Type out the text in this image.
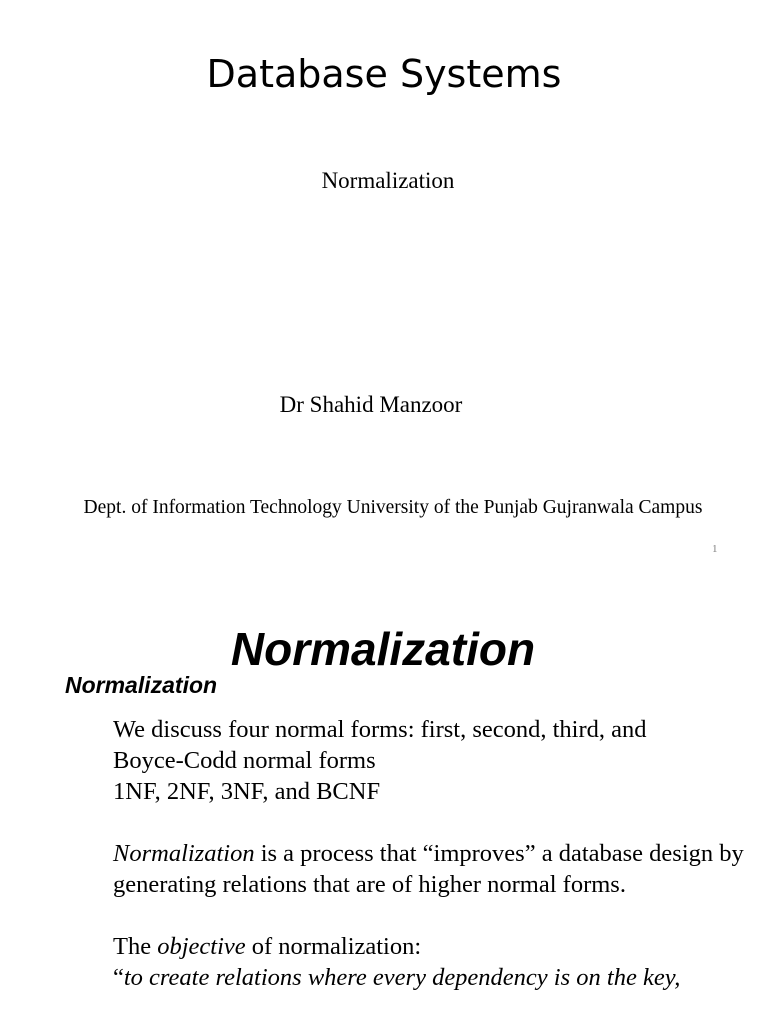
Database Systems
Normalization
Dr Shahid Manzoor
Dept. of Information Technology University of the Punjab Gujranwala Campus
1
Normalization
Normalization

We discuss four normal forms: first, second, third, and

Boyce-Codd normal forms

1NF, 2NF, 3NF, and BCNF

Normalization is a process that “improves” a database design by generating relations that are of higher normal forms.

The objective of normalization:

“to create relations where every dependency is on the key,
